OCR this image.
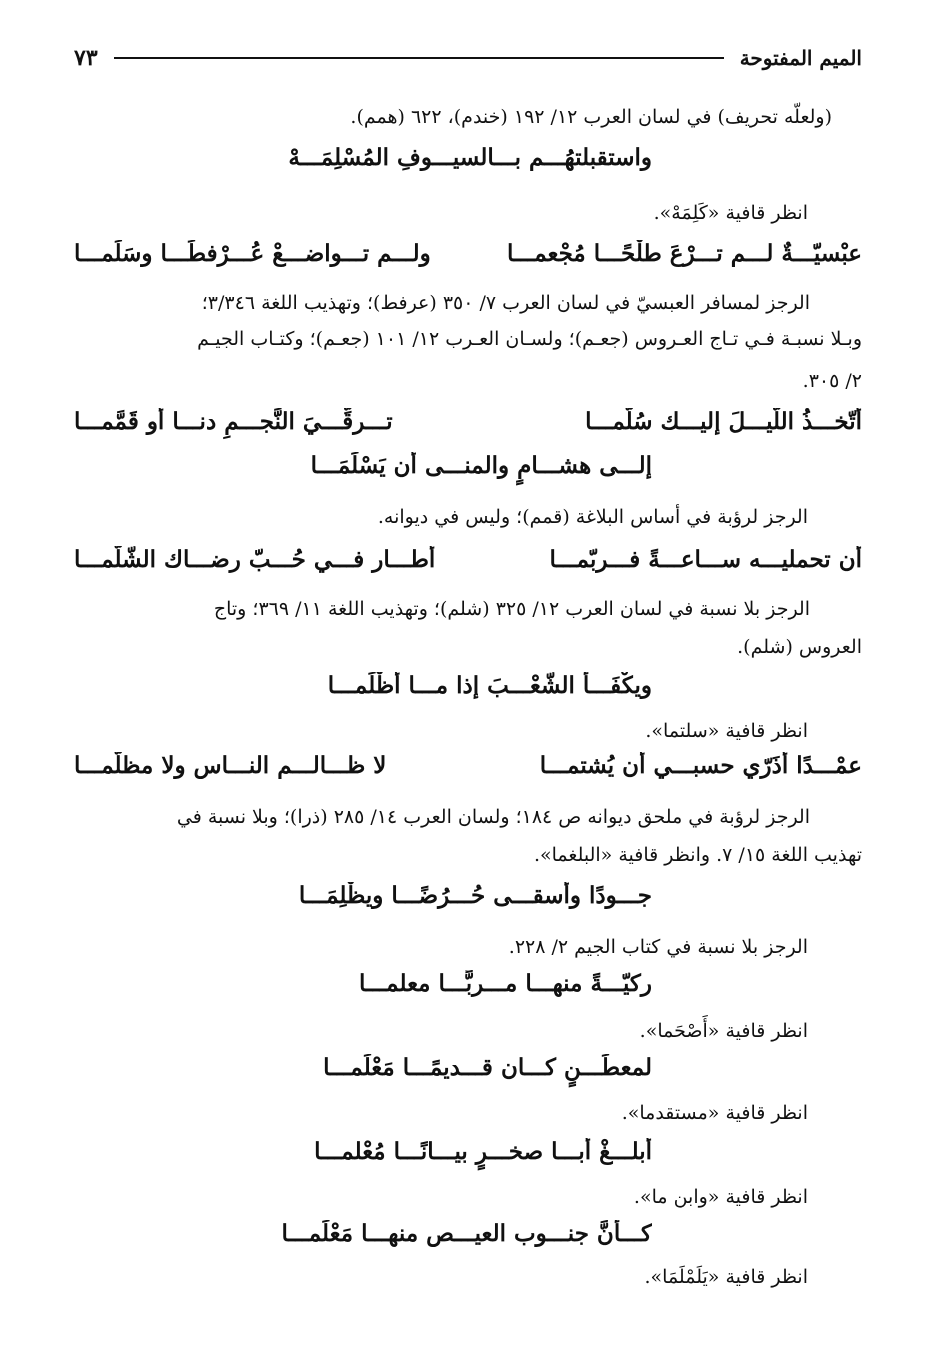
الميم المفتوحة
٧٣
(ولعلّه تحريف) في لسان العرب ١٢/ ١٩٢ (خندم)، ٦٢٢ (همم).
واستقبلتهُـــم بـــالسيـــوفِ المُسْلِمَـــهْ
انظر قافية «كَلِمَهْ».
عبْسيّـــةٌ لـــم تـــرْعَ طلْحًـــا مُجْعمـــا
ولـــم تـــواضـــعْ عُـــرْفطًـــا وسَلَمـــا
الرجز لمسافر العبسيّ في لسان العرب ٧/ ٣٥٠ (عرفط)؛ وتهذيب اللغة ٣/٣٤٦؛
وبـلا نسبـة فـي تـاج العـروس (جعـم)؛ ولسـان العـرب ١٢/ ١٠١ (جعـم)؛ وكتـاب الجيـم
٢/ ٣٠٥.
أتّخـــذُ اللّيـــلَ إليـــك سُلّمـــا
تـــرقِّـــيَ النَّجـــمِ دنـــا أو قَمَّمـــا
إلـــى هشـــامٍ والمنـــى أن يَسْلَمَـــا
الرجز لرؤبة في أساس البلاغة (قمم)؛ وليس في ديوانه.
أن تحمليـــه ســـاعـــةً فـــربّمـــا
أطـــار فـــي حُـــبّ رضـــاك الشّلّمـــا
الرجز بلا نسبة في لسان العرب ١٢/ ٣٢٥ (شلم)؛ وتهذيب اللغة ١١/ ٣٦٩؛ وتاج
العروس (شلم).
ويكْفَـــأ الشّعْـــبَ إذا مـــا أَظْلَمـــا
انظر قافية «سلتما».
عمْـــدًا أُذَرّي حسبـــي أن يُشتمـــا
لا ظـــالـــم النـــاس ولا مظلّمـــا
الرجز لرؤبة في ملحق ديوانه ص ١٨٤؛ ولسان العرب ١٤/ ٢٨٥ (ذرا)؛ وبلا نسبة في
تهذيب اللغة ١٥/ ٧. وانظر قافية «البلغما».
جـــودًا وأسقـــى حُـــرُضًـــا ويظْلِمَـــا
الرجز بلا نسبة في كتاب الجيم ٢/ ٢٢٨.
ركيّـــةً منهـــا مـــربًّـــا معلمـــا
انظر قافية «أَصْحَما».
لمعطَـــنٍ كـــان قـــديمًـــا مَعْلَمـــا
انظر قافية «مستقدما».
أبلـــغْ أبـــا صخـــرٍ بيـــانًـــا مُعْلمـــا
انظر قافية «وابن ما».
كـــأنَّ جنـــوب العيـــص منهـــا مَعْلَمـــا
انظر قافية «يَلَمْلَمَا».
